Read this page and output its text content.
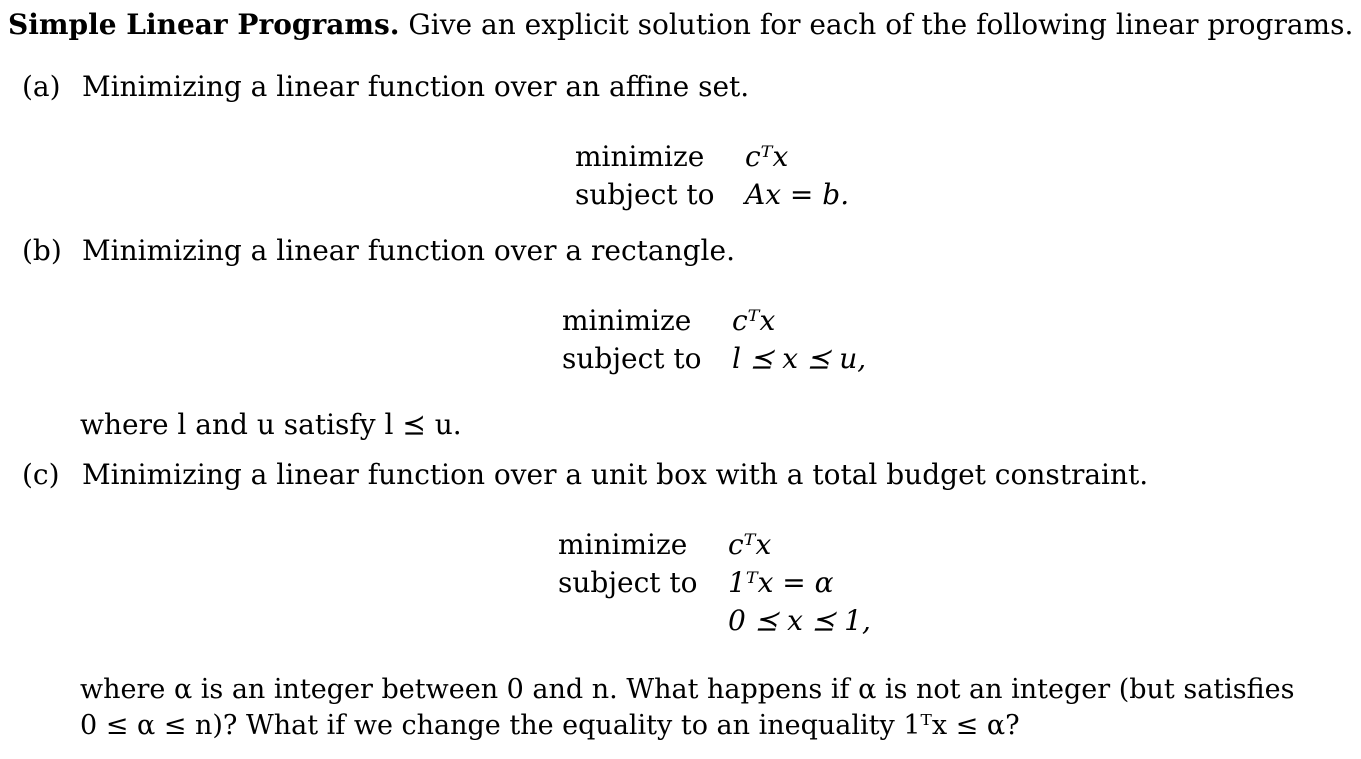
Simple Linear Programs. Give an explicit solution for each of the following linear programs.
(a) Minimizing a linear function over an affine set.
minimize cᵀx
subject to Ax = b.
(b) Minimizing a linear function over a rectangle.
minimize cᵀx
subject to l ⪯ x ⪯ u,
where l and u satisfy l ⪯ u.
(c) Minimizing a linear function over a unit box with a total budget constraint.
minimize cᵀx
subject to 1ᵀx = α
0 ⪯ x ⪯ 1,
where α is an integer between 0 and n. What happens if α is not an integer (but satisfies
0 ≤ α ≤ n)? What if we change the equality to an inequality 1ᵀx ≤ α?
